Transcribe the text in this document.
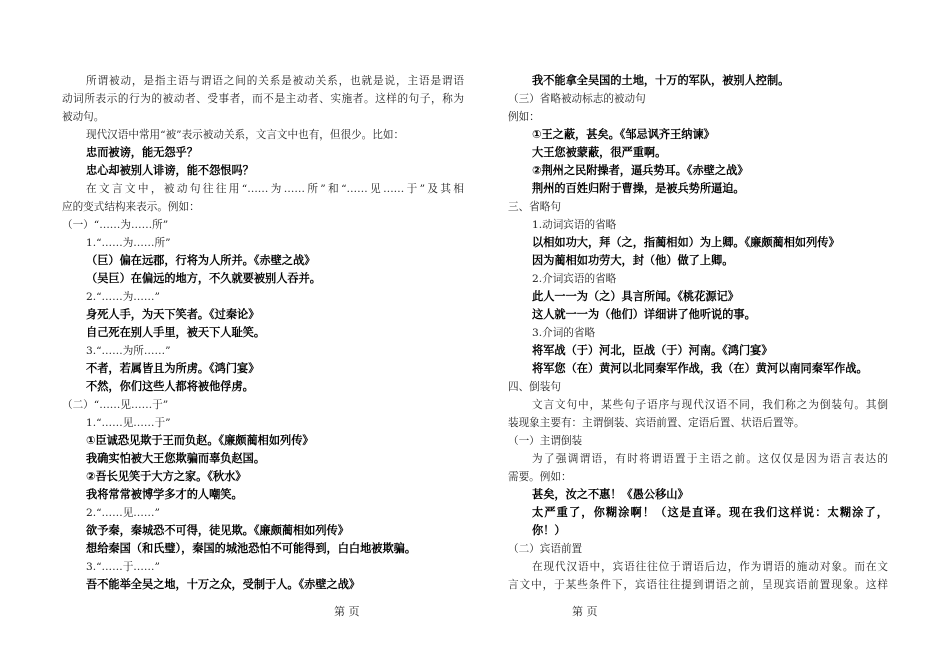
所谓被动，是指主语与谓语之间的关系是被动关系，也就是说，主语是谓语
动词所表示的行为的被动者、受事者，而不是主动者、实施者。这样的句子，称为
被动句。
现代汉语中常用“被”表示被动关系，文言文中也有，但很少。比如：
忠而被谤，能无怨乎？
忠心却被别人诽谤，能不怨恨吗？
在文言文中，被动句往往用“……为……所”和“……见……于”及其相
应的变式结构来表示。例如：
（一）“……为……所”
1.“……为……所”
（巨）偏在远郡，行将为人所并。《赤壁之战》
（吴巨）在偏远的地方，不久就要被别人吞并。
2.“……为……”
身死人手，为天下笑者。《过秦论》
自己死在别人手里，被天下人耻笑。
3.“……为所……”
不者，若属皆且为所虏。《鸿门宴》
不然，你们这些人都将被他俘虏。
（二）“……见……于”
1.“……见……于”
①臣诚恐见欺于王而负赵。《廉颇蔺相如列传》
我确实怕被大王您欺骗而辜负赵国。
②吾长见笑于大方之家。《秋水》
我将常常被博学多才的人嘲笑。
2.“……见……”
欲予秦，秦城恐不可得，徒见欺。《廉颇蔺相如列传》
想给秦国（和氏璧），秦国的城池恐怕不可能得到，白白地被欺骗。
3.“……于……”
吾不能举全吴之地，十万之众，受制于人。《赤壁之战》
我不能拿全吴国的土地，十万的军队，被别人控制。
（三）省略被动标志的被动句
例如：
①王之蔽，甚矣。《邹忌讽齐王纳谏》
大王您被蒙蔽，很严重啊。
②荆州之民附操者，逼兵势耳。《赤壁之战》
荆州的百姓归附于曹操，是被兵势所逼迫。
三、省略句
1.动词宾语的省略
以相如功大，拜（之，指蔺相如）为上卿。《廉颇蔺相如列传》
因为蔺相如功劳大，封（他）做了上卿。
2.介词宾语的省略
此人一一为（之）具言所闻。《桃花源记》
这人就一一为（他们）详细讲了他听说的事。
3.介词的省略
将军战（于）河北，臣战（于）河南。《鸿门宴》
将军您（在）黄河以北同秦军作战，我（在）黄河以南同秦军作战。
四、倒装句
文言文句中，某些句子语序与现代汉语不同，我们称之为倒装句。其倒
装现象主要有：主谓倒装、宾语前置、定语后置、状语后置等。
（一）主谓倒装
为了强调谓语，有时将谓语置于主语之前。这仅仅是因为语言表达的
需要。例如：
甚矣，汝之不惠！《愚公移山》
太严重了，你糊涂啊！（这是直译。现在我们这样说：太糊涂了，
你！）
（二）宾语前置
在现代汉语中，宾语往往位于谓语后边，作为谓语的施动对象。而在文
言文中，于某些条件下，宾语往往提到谓语之前，呈现宾语前置现象。这样
第 页	第 页
